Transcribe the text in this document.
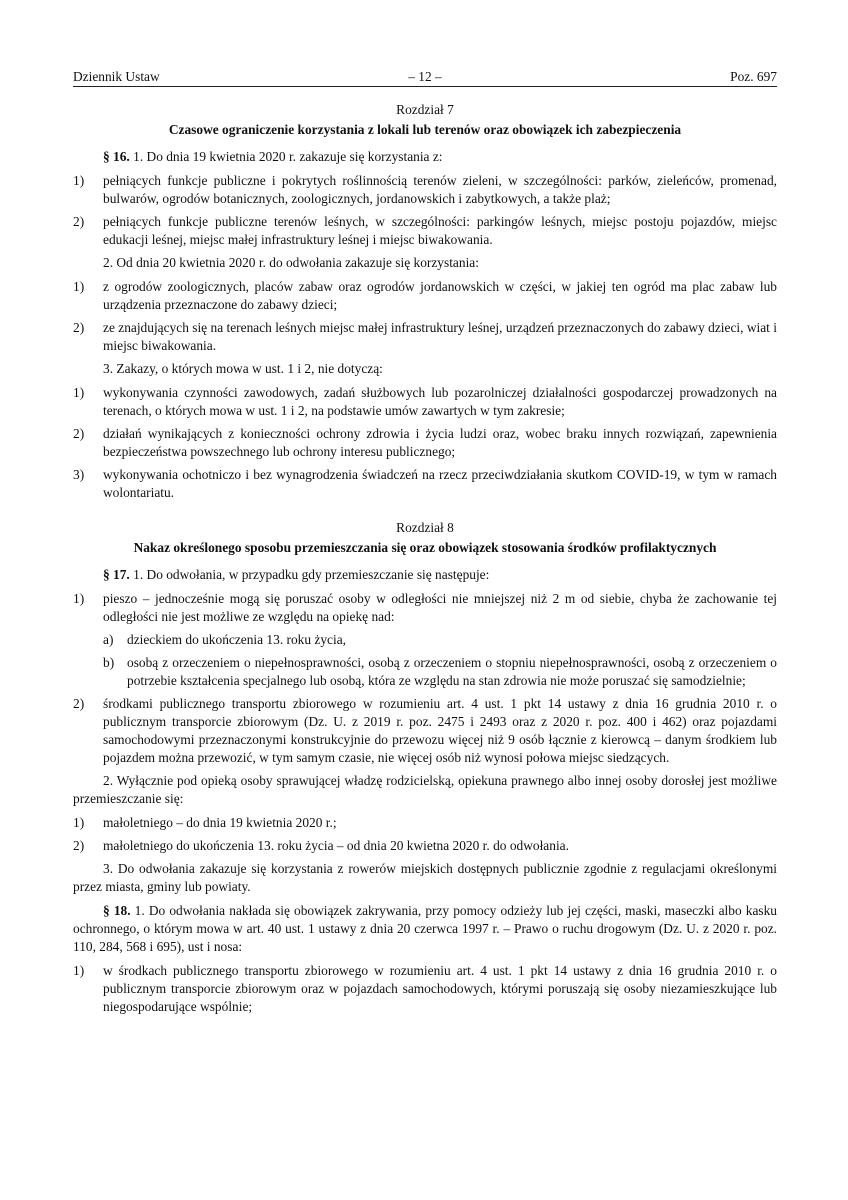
Dziennik Ustaw	– 12 –	Poz. 697
Rozdział 7
Czasowe ograniczenie korzystania z lokali lub terenów oraz obowiązek ich zabezpieczenia
§ 16. 1. Do dnia 19 kwietnia 2020 r. zakazuje się korzystania z:
1) pełniących funkcje publiczne i pokrytych roślinnością terenów zieleni, w szczególności: parków, zieleńców, promenad, bulwarów, ogrodów botanicznych, zoologicznych, jordanowskich i zabytkowych, a także plaż;
2) pełniących funkcje publiczne terenów leśnych, w szczególności: parkingów leśnych, miejsc postoju pojazdów, miejsc edukacji leśnej, miejsc małej infrastruktury leśnej i miejsc biwakowania.
2. Od dnia 20 kwietnia 2020 r. do odwołania zakazuje się korzystania:
1) z ogrodów zoologicznych, placów zabaw oraz ogrodów jordanowskich w części, w jakiej ten ogród ma plac zabaw lub urządzenia przeznaczone do zabawy dzieci;
2) ze znajdujących się na terenach leśnych miejsc małej infrastruktury leśnej, urządzeń przeznaczonych do zabawy dzieci, wiat i miejsc biwakowania.
3. Zakazy, o których mowa w ust. 1 i 2, nie dotyczą:
1) wykonywania czynności zawodowych, zadań służbowych lub pozarolniczej działalności gospodarczej prowadzonych na terenach, o których mowa w ust. 1 i 2, na podstawie umów zawartych w tym zakresie;
2) działań wynikających z konieczności ochrony zdrowia i życia ludzi oraz, wobec braku innych rozwiązań, zapewnienia bezpieczeństwa powszechnego lub ochrony interesu publicznego;
3) wykonywania ochotniczo i bez wynagrodzenia świadczeń na rzecz przeciwdziałania skutkom COVID-19, w tym w ramach wolontariatu.
Rozdział 8
Nakaz określonego sposobu przemieszczania się oraz obowiązek stosowania środków profilaktycznych
§ 17. 1. Do odwołania, w przypadku gdy przemieszczanie się następuje:
1) pieszo – jednocześnie mogą się poruszać osoby w odległości nie mniejszej niż 2 m od siebie, chyba że zachowanie tej odległości nie jest możliwe ze względu na opiekę nad:
a) dzieckiem do ukończenia 13. roku życia,
b) osobą z orzeczeniem o niepełnosprawności, osobą z orzeczeniem o stopniu niepełnosprawności, osobą z orzeczeniem o potrzebie kształcenia specjalnego lub osobą, która ze względu na stan zdrowia nie może poruszać się samodzielnie;
2) środkami publicznego transportu zbiorowego w rozumieniu art. 4 ust. 1 pkt 14 ustawy z dnia 16 grudnia 2010 r. o publicznym transporcie zbiorowym (Dz. U. z 2019 r. poz. 2475 i 2493 oraz z 2020 r. poz. 400 i 462) oraz pojazdami samochodowymi przeznaczonymi konstrukcyjnie do przewozu więcej niż 9 osób łącznie z kierowcą – danym środkiem lub pojazdem można przewozić, w tym samym czasie, nie więcej osób niż wynosi połowa miejsc siedzących.
2. Wyłącznie pod opieką osoby sprawującej władzę rodzicielską, opiekuna prawnego albo innej osoby dorosłej jest możliwe przemieszczanie się:
1) małoletniego – do dnia 19 kwietnia 2020 r.;
2) małoletniego do ukończenia 13. roku życia – od dnia 20 kwietna 2020 r. do odwołania.
3. Do odwołania zakazuje się korzystania z rowerów miejskich dostępnych publicznie zgodnie z regulacjami określonymi przez miasta, gminy lub powiaty.
§ 18. 1. Do odwołania nakłada się obowiązek zakrywania, przy pomocy odzieży lub jej części, maski, maseczki albo kasku ochronnego, o którym mowa w art. 40 ust. 1 ustawy z dnia 20 czerwca 1997 r. – Prawo o ruchu drogowym (Dz. U. z 2020 r. poz. 110, 284, 568 i 695), ust i nosa:
1) w środkach publicznego transportu zbiorowego w rozumieniu art. 4 ust. 1 pkt 14 ustawy z dnia 16 grudnia 2010 r. o publicznym transporcie zbiorowym oraz w pojazdach samochodowych, którymi poruszają się osoby niezamieszkujące lub niegospodarujące wspólnie;
